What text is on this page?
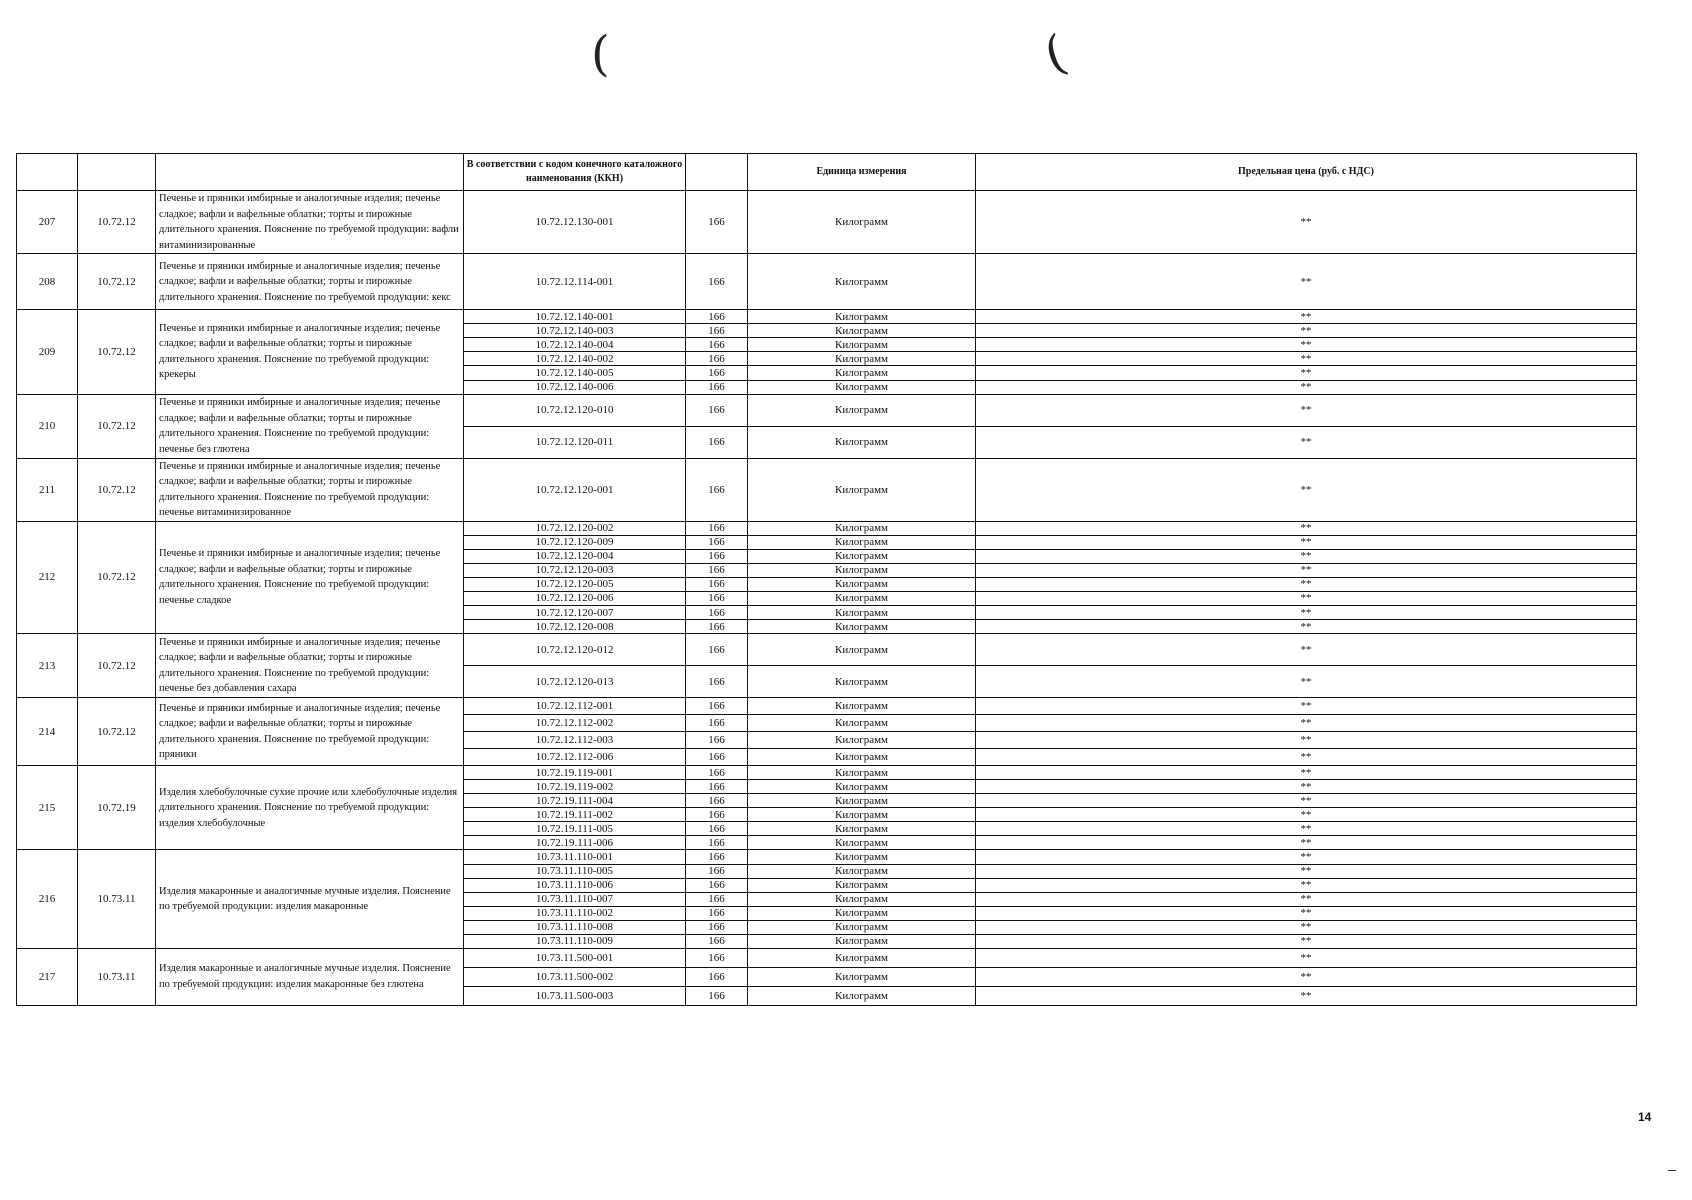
(	(
			В соответствии с кодом конечного каталожного наименования (ККН)		Единица измерения	Предельная цена (руб. с НДС)
207	10.72.12	Печенье и пряники имбирные и аналогичные изделия; печенье сладкое; вафли и вафельные облатки; торты и пирожные длительного хранения. Пояснение по требуемой продукции: вафли витаминизированные	10.72.12.130-001	166	Килограмм	**
208	10.72.12	Печенье и пряники имбирные и аналогичные изделия; печенье сладкое; вафли и вафельные облатки; торты и пирожные длительного хранения. Пояснение по требуемой продукции: кекс	10.72.12.114-001	166	Килограмм	**
209	10.72.12	Печенье и пряники имбирные и аналогичные изделия; печенье сладкое; вафли и вафельные облатки; торты и пирожные длительного хранения. Пояснение по требуемой продукции: крекеры	10.72.12.140-001	166	Килограмм	**
			10.72.12.140-003	166	Килограмм	**
			10.72.12.140-004	166	Килограмм	**
			10.72.12.140-002	166	Килограмм	**
			10.72.12.140-005	166	Килограмм	**
			10.72.12.140-006	166	Килограмм	**
210	10.72.12	Печенье и пряники имбирные и аналогичные изделия; печенье сладкое; вафли и вафельные облатки; торты и пирожные длительного хранения. Пояснение по требуемой продукции: печенье без глютена	10.72.12.120-010	166	Килограмм	**
			10.72.12.120-011	166	Килограмм	**
211	10.72.12	Печенье и пряники имбирные и аналогичные изделия; печенье сладкое; вафли и вафельные облатки; торты и пирожные длительного хранения. Пояснение по требуемой продукции: печенье витаминизированное	10.72.12.120-001	166	Килограмм	**
212	10.72.12	Печенье и пряники имбирные и аналогичные изделия; печенье сладкое; вафли и вафельные облатки; торты и пирожные длительного хранения. Пояснение по требуемой продукции: печенье сладкое	10.72.12.120-002	166	Килограмм	**
			10.72.12.120-009	166	Килограмм	**
			10.72.12.120-004	166	Килограмм	**
			10.72.12.120-003	166	Килограмм	**
			10.72.12.120-005	166	Килограмм	**
			10.72.12.120-006	166	Килограмм	**
			10.72.12.120-007	166	Килограмм	**
			10.72.12.120-008	166	Килограмм	**
213	10.72.12	Печенье и пряники имбирные и аналогичные изделия; печенье сладкое; вафли и вафельные облатки; торты и пирожные длительного хранения. Пояснение по требуемой продукции: печенье без добавления сахара	10.72.12.120-012	166	Килограмм	**
			10.72.12.120-013	166	Килограмм	**
214	10.72.12	Печенье и пряники имбирные и аналогичные изделия; печенье сладкое; вафли и вафельные облатки; торты и пирожные длительного хранения. Пояснение по требуемой продукции: пряники	10.72.12.112-001	166	Килограмм	**
			10.72.12.112-002	166	Килограмм	**
			10.72.12.112-003	166	Килограмм	**
			10.72.12.112-006	166	Килограмм	**
215	10.72.19	Изделия хлебобулочные сухие прочие или хлебобулочные изделия длительного хранения. Пояснение по требуемой продукции: изделия хлебобулочные	10.72.19.119-001	166	Килограмм	**
			10.72.19.119-002	166	Килограмм	**
			10.72.19.111-004	166	Килограмм	**
			10.72.19.111-002	166	Килограмм	**
			10.72.19.111-005	166	Килограмм	**
			10.72.19.111-006	166	Килограмм	**
216	10.73.11	Изделия макаронные и аналогичные мучные изделия. Пояснение по требуемой продукции: изделия макаронные	10.73.11.110-001	166	Килограмм	**
			10.73.11.110-005	166	Килограмм	**
			10.73.11.110-006	166	Килограмм	**
			10.73.11.110-007	166	Килограмм	**
			10.73.11.110-002	166	Килограмм	**
			10.73.11.110-008	166	Килограмм	**
			10.73.11.110-009	166	Килограмм	**
217	10.73.11	Изделия макаронные и аналогичные мучные изделия. Пояснение по требуемой продукции: изделия макаронные без глютена	10.73.11.500-001	166	Килограмм	**
			10.73.11.500-002	166	Килограмм	**
			10.73.11.500-003	166	Килограмм	**
14
